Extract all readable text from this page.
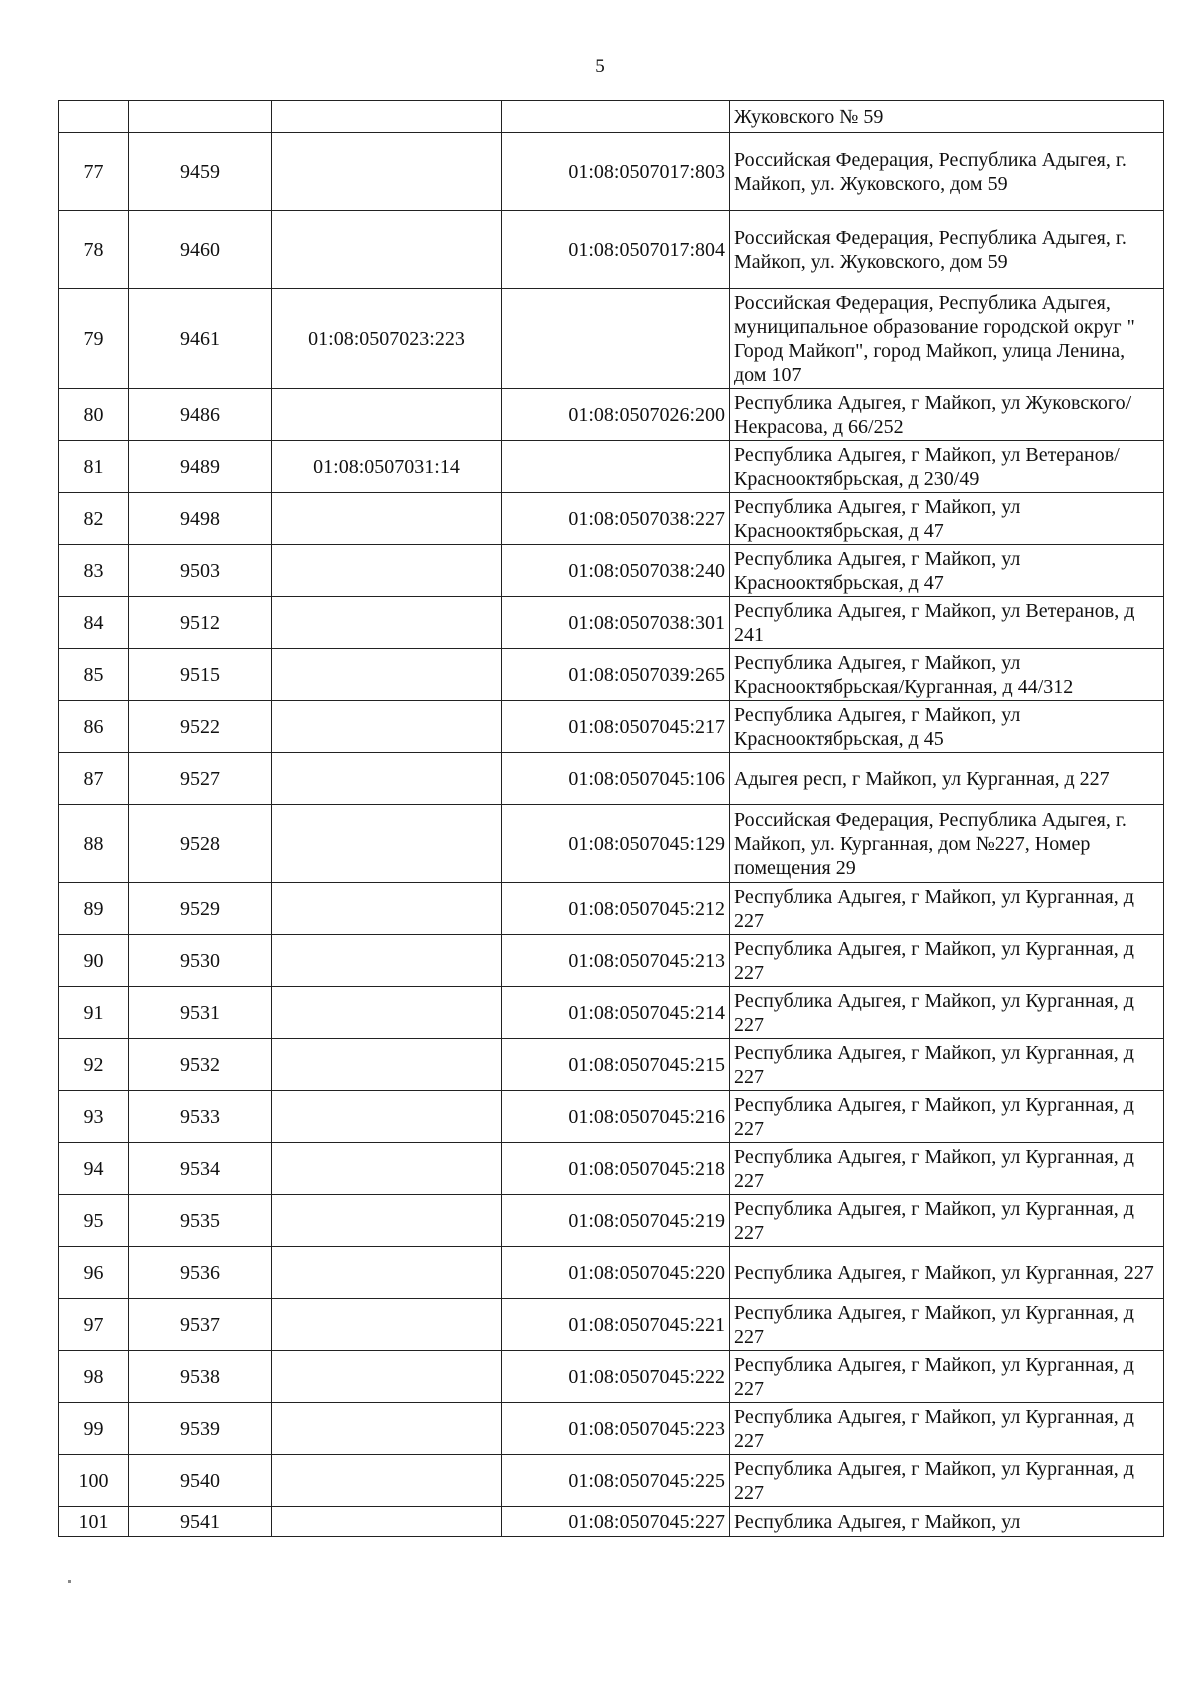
5
				Жуковского № 59
77	9459		01:08:0507017:803	Российская Федерация, Республика Адыгея, г. Майкоп, ул. Жуковского, дом 59
78	9460		01:08:0507017:804	Российская Федерация, Республика Адыгея, г. Майкоп, ул. Жуковского, дом 59
79	9461	01:08:0507023:223		Российская Федерация, Республика Адыгея, муниципальное образование городской округ " Город Майкоп", город Майкоп, улица Ленина, дом 107
80	9486		01:08:0507026:200	Республика Адыгея, г Майкоп, ул Жуковского/Некрасова, д 66/252
81	9489	01:08:0507031:14		Республика Адыгея, г Майкоп, ул Ветеранов/Краснооктябрьская, д 230/49
82	9498		01:08:0507038:227	Республика Адыгея, г Майкоп, ул Краснооктябрьская, д 47
83	9503		01:08:0507038:240	Республика Адыгея, г Майкоп, ул Краснооктябрьская, д 47
84	9512		01:08:0507038:301	Республика Адыгея, г Майкоп, ул Ветеранов, д 241
85	9515		01:08:0507039:265	Республика Адыгея, г Майкоп, ул Краснооктябрьская/Курганная, д 44/312
86	9522		01:08:0507045:217	Республика Адыгея, г Майкоп, ул Краснооктябрьская, д 45
87	9527		01:08:0507045:106	Адыгея респ, г Майкоп, ул Курганная, д 227
88	9528		01:08:0507045:129	Российская Федерация, Республика Адыгея, г. Майкоп, ул. Курганная, дом №227, Номер помещения 29
89	9529		01:08:0507045:212	Республика Адыгея, г Майкоп, ул Курганная, д 227
90	9530		01:08:0507045:213	Республика Адыгея, г Майкоп, ул Курганная, д 227
91	9531		01:08:0507045:214	Республика Адыгея, г Майкоп, ул Курганная, д 227
92	9532		01:08:0507045:215	Республика Адыгея, г Майкоп, ул Курганная, д 227
93	9533		01:08:0507045:216	Республика Адыгея, г Майкоп, ул Курганная, д 227
94	9534		01:08:0507045:218	Республика Адыгея, г Майкоп, ул Курганная, д 227
95	9535		01:08:0507045:219	Республика Адыгея, г Майкоп, ул Курганная, д 227
96	9536		01:08:0507045:220	Республика Адыгея, г Майкоп, ул Курганная, 227
97	9537		01:08:0507045:221	Республика Адыгея, г Майкоп, ул Курганная, д 227
98	9538		01:08:0507045:222	Республика Адыгея, г Майкоп, ул Курганная, д 227
99	9539		01:08:0507045:223	Республика Адыгея, г Майкоп, ул Курганная, д 227
100	9540		01:08:0507045:225	Республика Адыгея, г Майкоп, ул Курганная, д 227
101	9541		01:08:0507045:227	Республика Адыгея, г Майкоп, ул
